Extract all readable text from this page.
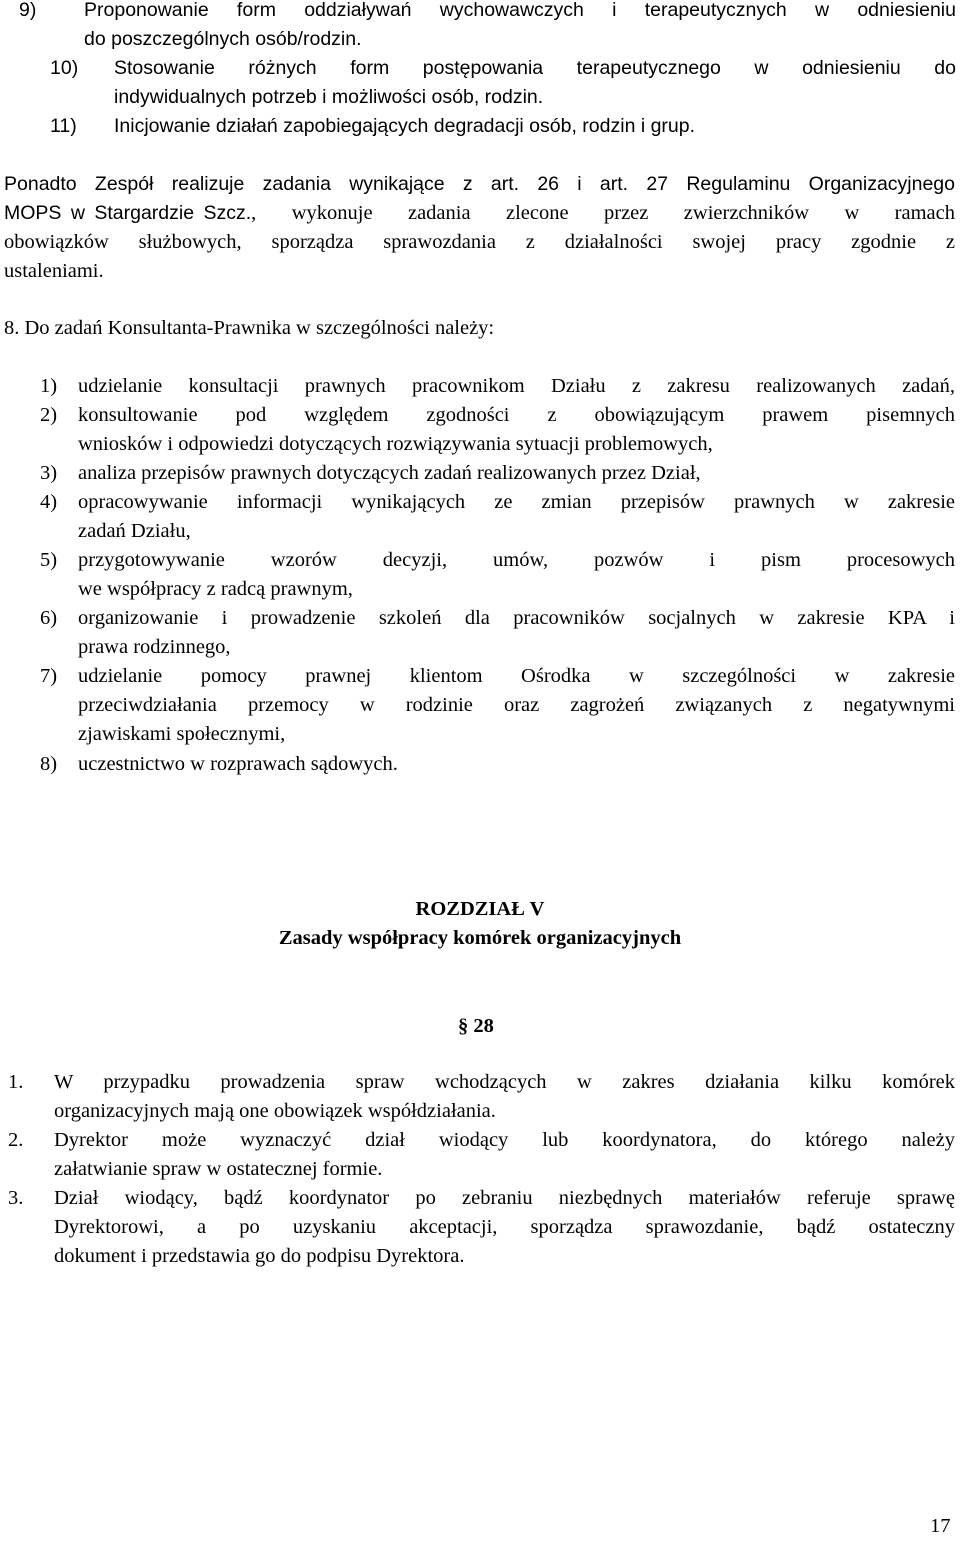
9) Proponowanie form oddziaływań wychowawczych i terapeutycznych w odniesieniu
do poszczególnych osób/rodzin.
10) Stosowanie różnych form postępowania terapeutycznego w odniesieniu do
indywidualnych potrzeb i możliwości osób, rodzin.
11) Inicjowanie działań zapobiegających degradacji osób, rodzin i grup.
Ponadto Zespół realizuje zadania wynikające z art. 26 i art. 27 Regulaminu Organizacyjnego
MOPS w Stargardzie Szcz. , wykonuje zadania zlecone przez zwierzchników w ramach
obowiązków służbowych, sporządza sprawozdania z działalności swojej pracy zgodnie z
ustaleniami.
8. Do zadań Konsultanta-Prawnika w szczególności należy:
1) udzielanie konsultacji prawnych pracownikom Działu z zakresu realizowanych zadań,
2) konsultowanie pod względem zgodności z obowiązującym prawem pisemnych
wniosków i odpowiedzi dotyczących rozwiązywania sytuacji problemowych,
3) analiza przepisów prawnych dotyczących zadań realizowanych przez Dział,
4) opracowywanie informacji wynikających ze zmian przepisów prawnych w zakresie
zadań Działu,
5) przygotowywanie wzorów decyzji, umów, pozwów i pism procesowych
we współpracy z radcą prawnym,
6) organizowanie i prowadzenie szkoleń dla pracowników socjalnych w zakresie KPA i
prawa rodzinnego,
7) udzielanie pomocy prawnej klientom Ośrodka w szczególności w zakresie
przeciwdziałania przemocy w rodzinie oraz zagrożeń związanych z negatywnymi
zjawiskami społecznymi,
8) uczestnictwo w rozprawach sądowych.
ROZDZIAŁ V
Zasady współpracy komórek organizacyjnych
§ 28
1. W przypadku prowadzenia spraw wchodzących w zakres działania kilku komórek
organizacyjnych mają one obowiązek współdziałania.
2. Dyrektor może wyznaczyć dział wiodący lub koordynatora, do którego należy
załatwianie spraw w ostatecznej formie.
3. Dział wiodący, bądź koordynator po zebraniu niezbędnych materiałów referuje sprawę
Dyrektorowi, a po uzyskaniu akceptacji, sporządza sprawozdanie, bądź ostateczny
dokument i przedstawia go do podpisu Dyrektora.
17
